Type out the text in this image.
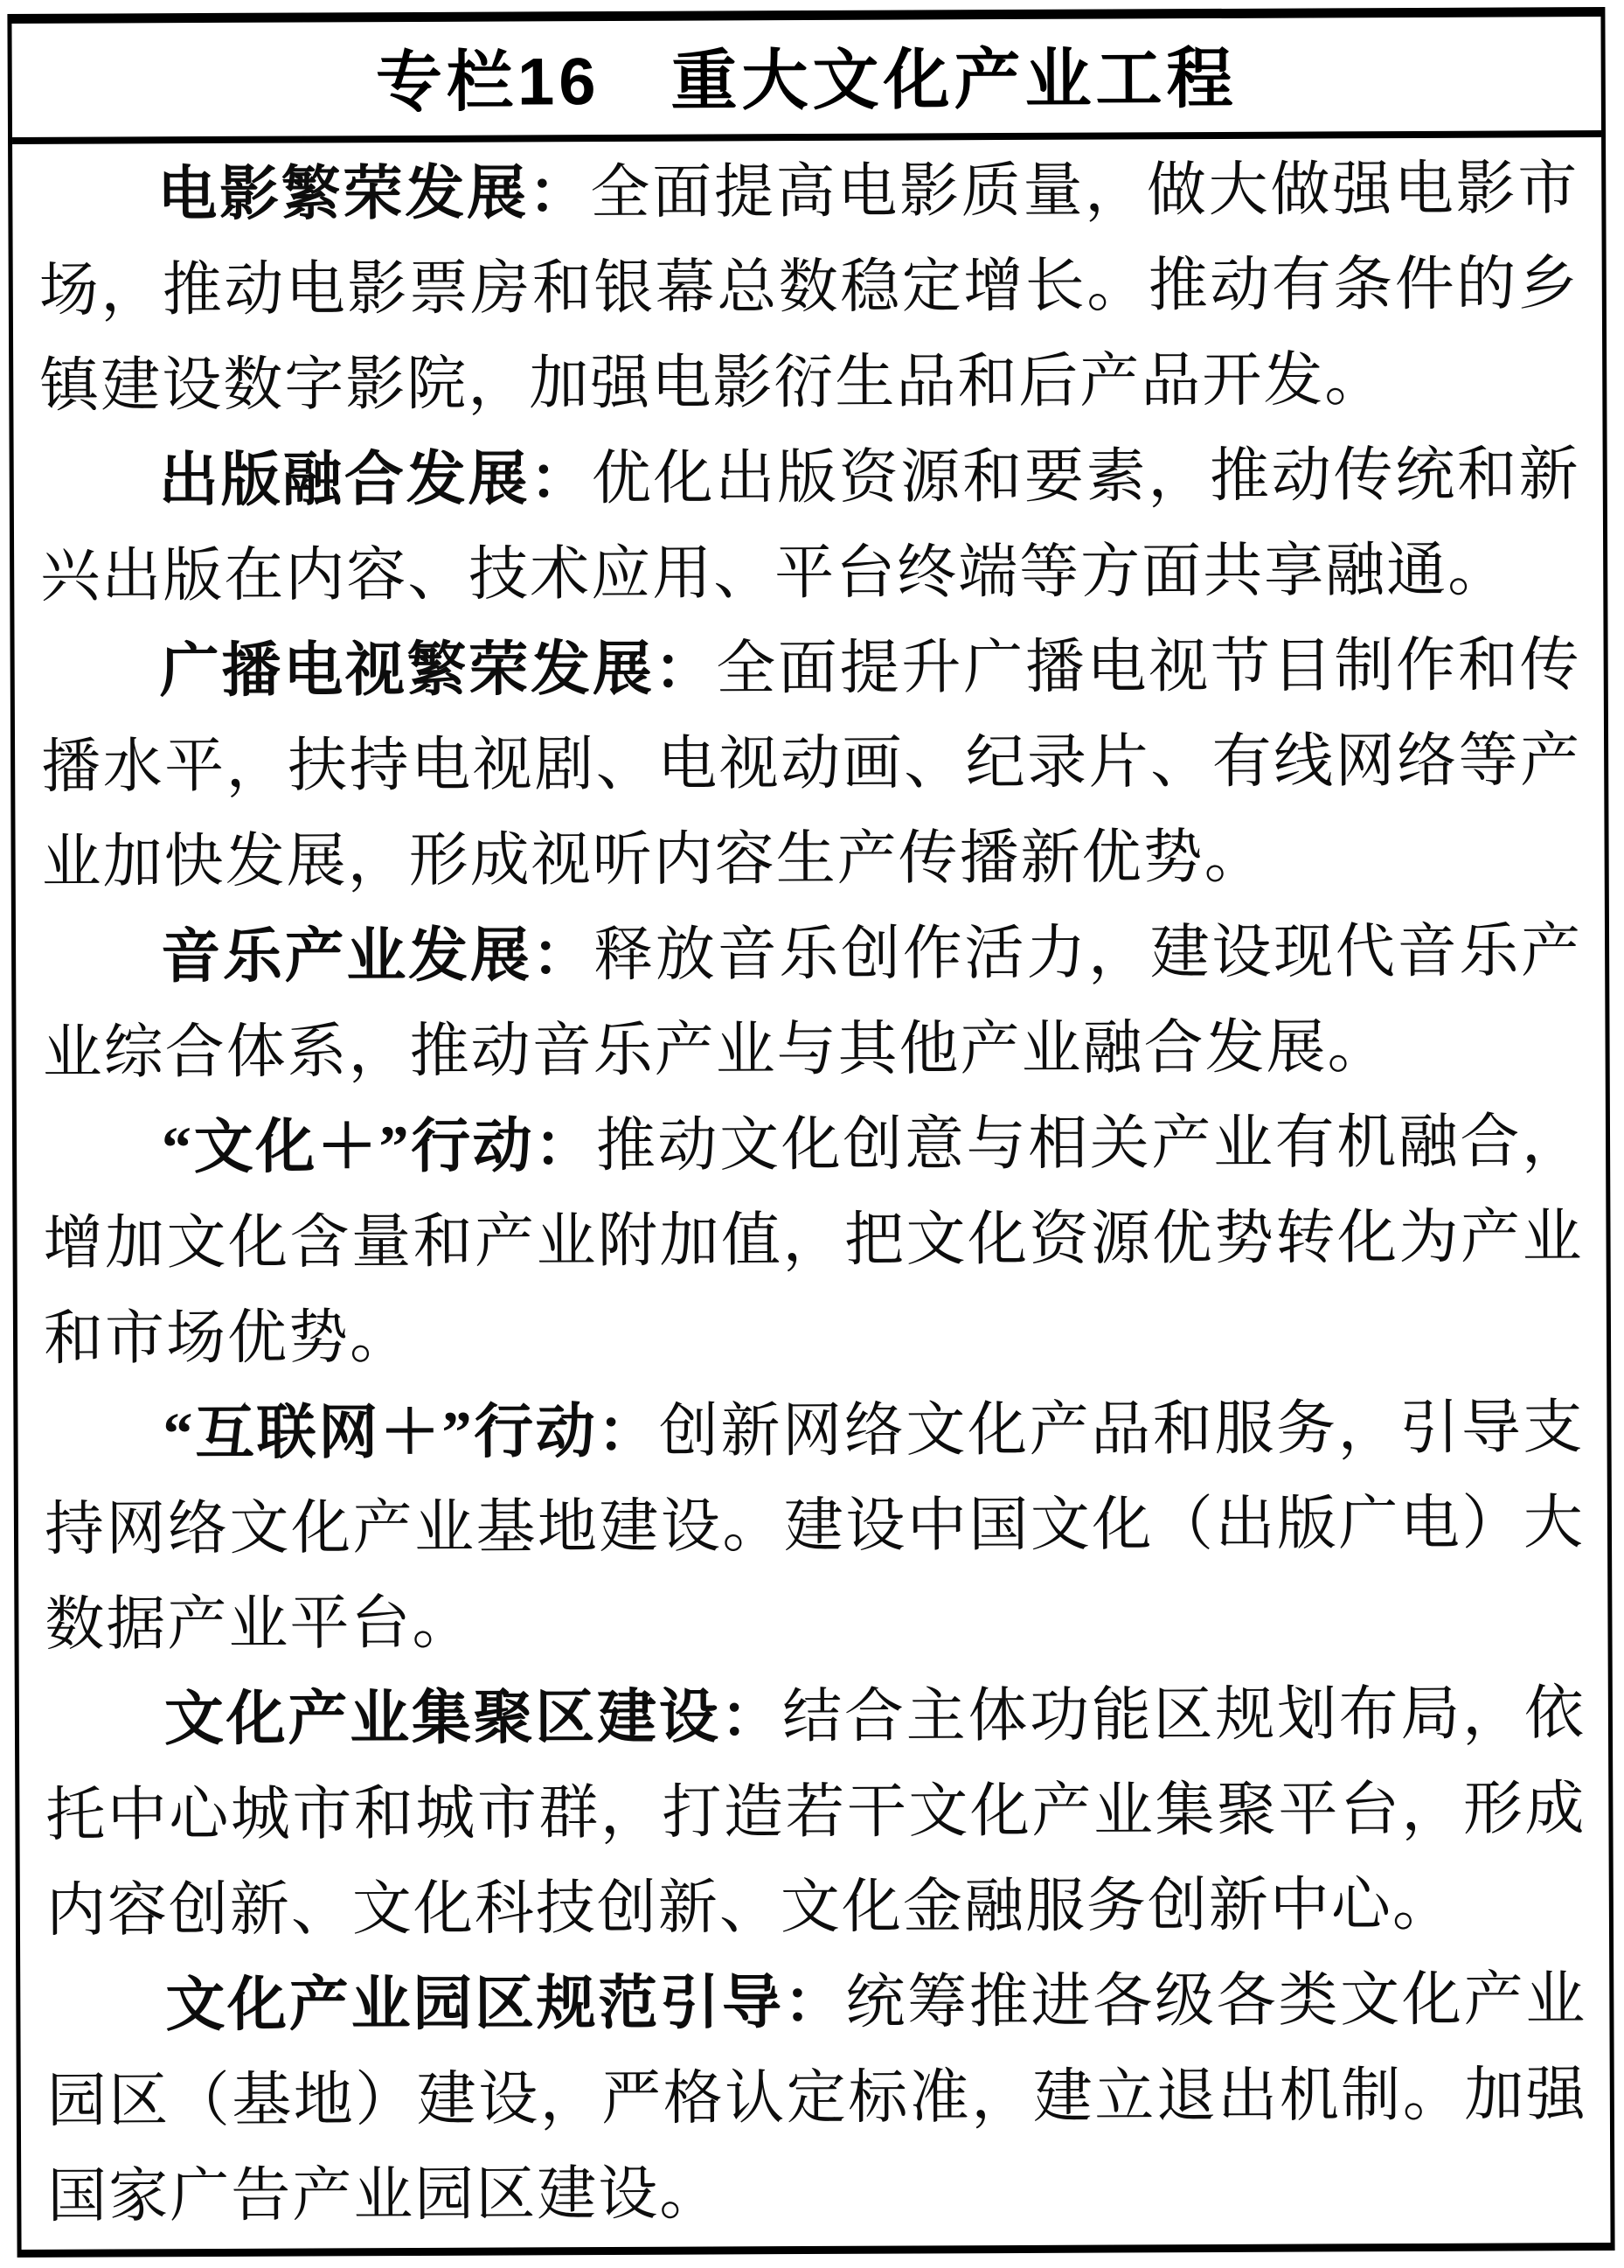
专栏16　重大文化产业工程

电影繁荣发展：全面提高电影质量，做大做强电影市场，推动电影票房和银幕总数稳定增长。推动有条件的乡镇建设数字影院，加强电影衍生品和后产品开发。

出版融合发展：优化出版资源和要素，推动传统和新兴出版在内容、技术应用、平台终端等方面共享融通。

广播电视繁荣发展：全面提升广播电视节目制作和传播水平，扶持电视剧、电视动画、纪录片、有线网络等产业加快发展，形成视听内容生产传播新优势。

音乐产业发展：释放音乐创作活力，建设现代音乐产业综合体系，推动音乐产业与其他产业融合发展。

“文化＋”行动：推动文化创意与相关产业有机融合，增加文化含量和产业附加值，把文化资源优势转化为产业和市场优势。

“互联网＋”行动：创新网络文化产品和服务，引导支持网络文化产业基地建设。建设中国文化（出版广电）大数据产业平台。

文化产业集聚区建设：结合主体功能区规划布局，依托中心城市和城市群，打造若干文化产业集聚平台，形成内容创新、文化科技创新、文化金融服务创新中心。

文化产业园区规范引导：统筹推进各级各类文化产业园区（基地）建设，严格认定标准，建立退出机制。加强国家广告产业园区建设。
